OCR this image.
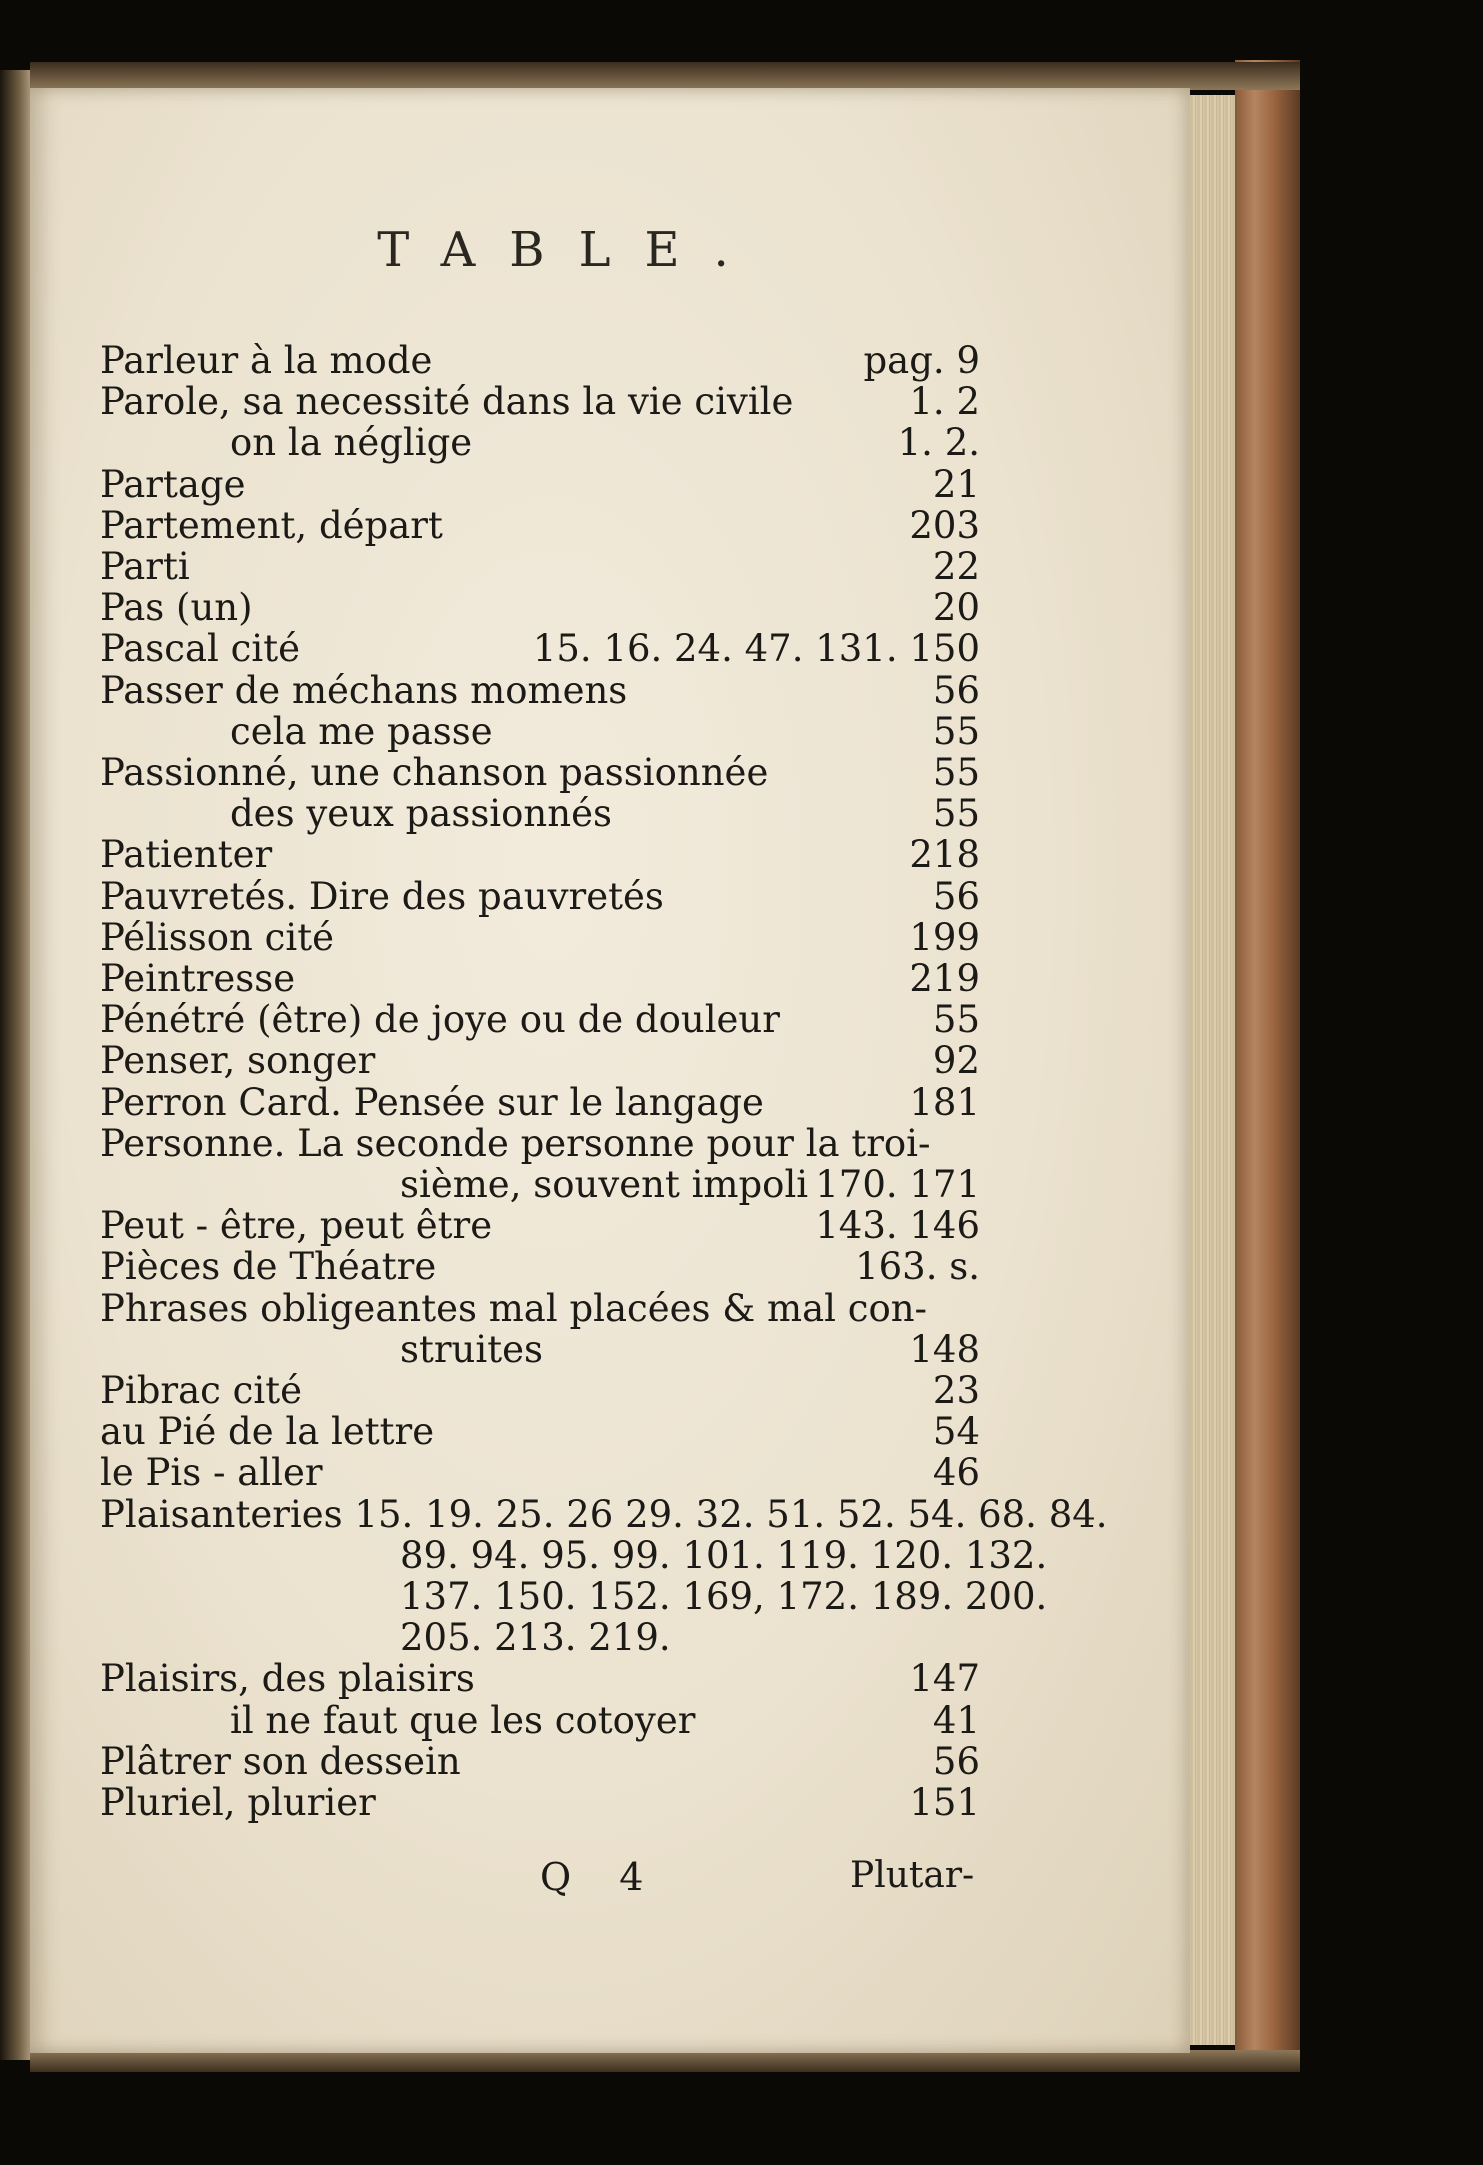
TABLE.
Parleur à la mode	pag. 9
Parole, sa necessité dans la vie civile	1. 2
on la néglige	1. 2.
Partage	21
Partement, départ	203
Parti	22
Pas (un)	20
Pascal cité	15. 16. 24. 47. 131. 150
Passer de méchans momens	56
cela me passe	55
Passionné, une chanson passionnée	55
des yeux passionnés	55
Patienter	218
Pauvretés. Dire des pauvretés	56
Pélisson cité	199
Peintresse	219
Pénétré (être) de joye ou de douleur	55
Penser, songer	92
Perron Card. Pensée sur le langage	181
Personne. La seconde personne pour la troi-
sième, souvent impoli 170. 171
Peut - être, peut être	143. 146
Pièces de Théatre	163. s.
Phrases obligeantes mal placées & mal con-
struites	148
Pibrac cité	23
au Pié de la lettre	54
le Pis - aller	46
Plaisanteries 15. 19. 25. 26 29. 32. 51. 52. 54. 68. 84.
89. 94. 95. 99. 101. 119. 120. 132.
137. 150. 152. 169, 172. 189. 200.
205. 213. 219.
Plaisirs, des plaisirs	147
il ne faut que les cotoyer	41
Plâtrer son dessein	56
Pluriel, plurier	151
Q 4	Plutar-
